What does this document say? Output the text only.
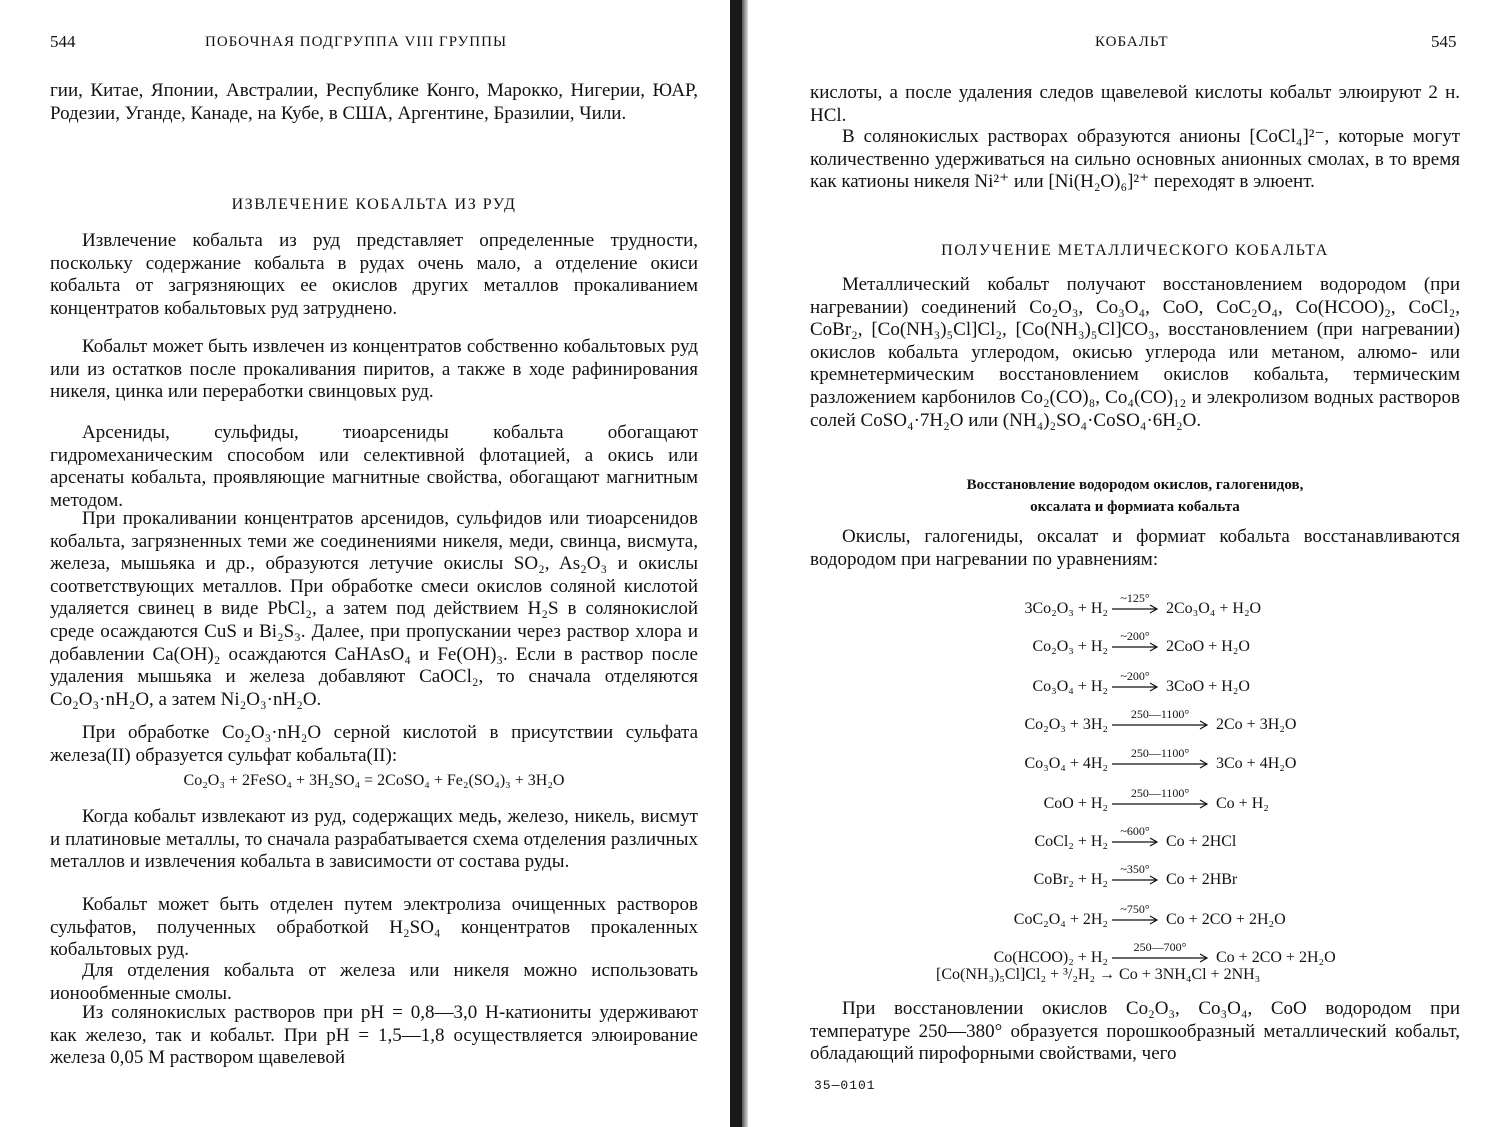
544	ПОБОЧНАЯ ПОДГРУППА VIII ГРУППЫ

гии, Китае, Японии, Австралии, Республике Конго, Марокко, Нигерии, ЮАР, Родезии, Уганде, Канаде, на Кубе, в США, Аргентине, Бразилии, Чили.

ИЗВЛЕЧЕНИЕ КОБАЛЬТА ИЗ РУД

Извлечение кобальта из руд представляет определенные трудности, поскольку содержание кобальта в рудах очень мало, а отделение окиси кобальта от загрязняющих ее окислов других металлов прокаливанием концентратов кобальтовых руд затруднено.

Кобальт может быть извлечен из концентратов собственно кобальтовых руд или из остатков после прокаливания пиритов, а также в ходе рафинирования никеля, цинка или переработки свинцовых руд.

Арсениды, сульфиды, тиоарсениды кобальта обогащают гидромеханическим способом или селективной флотацией, а окись или арсенаты кобальта, проявляющие магнитные свойства, обогащают магнитным методом.

При прокаливании концентратов арсенидов, сульфидов или тиоарсенидов кобальта, загрязненных теми же соединениями никеля, меди, свинца, висмута, железа, мышьяка и др., образуются летучие окислы SO₂, As₂O₃ и окислы соответствующих металлов. При обработке смеси окислов соляной кислотой удаляется свинец в виде PbCl₂, а затем под действием H₂S в солянокислой среде осаждаются CuS и Bi₂S₃. Далее, при пропускании через раствор хлора и добавлении Ca(OH)₂ осаждаются CaHAsO₄ и Fe(OH)₃. Если в раствор после удаления мышьяка и железа добавляют CaOCl₂, то сначала отделяются Co₂O₃·nH₂O, а затем Ni₂O₃·nH₂O.

При обработке Co₂O₃·nH₂O серной кислотой в присутствии сульфата железа(II) образуется сульфат кобальта(II):

Co₂O₃ + 2FeSO₄ + 3H₂SO₄ = 2CoSO₄ + Fe₂(SO₄)₃ + 3H₂O

Когда кобальт извлекают из руд, содержащих медь, железо, никель, висмут и платиновые металлы, то сначала разрабатывается схема отделения различных металлов и извлечения кобальта в зависимости от состава руды.

Кобальт может быть отделен путем электролиза очищенных растворов сульфатов, полученных обработкой H₂SO₄ концентратов прокаленных кобальтовых руд.

Для отделения кобальта от железа или никеля можно использовать ионообменные смолы.

Из солянокислых растворов при pH = 0,8—3,0 H-катиониты удерживают как железо, так и кобальт. При pH = 1,5—1,8 осуществляется элюирование железа 0,05 M раствором щавелевой

КОБАЛЬТ	545

кислоты, а после удаления следов щавелевой кислоты кобальт элюируют 2 н. HCl.

В солянокислых растворах образуются анионы [CoCl₄]²⁻, которые могут количественно удерживаться на сильно основных анионных смолах, в то время как катионы никеля Ni²⁺ или [Ni(H₂O)₆]²⁺ переходят в элюент.

ПОЛУЧЕНИЕ МЕТАЛЛИЧЕСКОГО КОБАЛЬТА

Металлический кобальт получают восстановлением водородом (при нагревании) соединений Co₂O₃, Co₃O₄, CoO, CoC₂O₄, Co(HCOO)₂, CoCl₂, CoBr₂, [Co(NH₃)₅Cl]Cl₂, [Co(NH₃)₅Cl]CO₃, восстановлением (при нагревании) окислов кобальта углеродом, окисью углерода или метаном, алюмо- или кремнетермическим восстановлением окислов кобальта, термическим разложением карбонилов Co₂(CO)₈, Co₄(CO)₁₂ и элекролизом водных растворов солей CoSO₄·7H₂O или (NH₄)₂SO₄·CoSO₄·6H₂O.

Восстановление водородом окислов, галогенидов,
оксалата и формиата кобальта

Окислы, галогениды, оксалат и формиат кобальта восстанавливаются водородом при нагревании по уравнениям:

3Co₂O₃ + H₂
~125°
2Co₃O₄ + H₂O
Co₂O₃ + H₂
~200°
2CoO + H₂O
Co₃O₄ + H₂
~200°
3CoO + H₂O
Co₂O₃ + 3H₂
250—1100°
2Co + 3H₂O
Co₃O₄ + 4H₂
250—1100°
3Co + 4H₂O
CoO + H₂
250—1100°
Co + H₂
CoCl₂ + H₂
~600°
Co + 2HCl
CoBr₂ + H₂
~350°
Co + 2HBr
CoC₂O₄ + 2H₂
~750°
Co + 2CO + 2H₂O
Co(HCOO)₂ + H₂
250—700°
Co + 2CO + 2H₂O
[Co(NH₃)₅Cl]Cl₂ + ³/₂H₂ → Co + 3NH₄Cl + 2NH₃

При восстановлении окислов Co₂O₃, Co₃O₄, CoO водородом при температуре 250—380° образуется порошкообразный металлический кобальт, обладающий пирофорными свойствами, чего

35—0101
